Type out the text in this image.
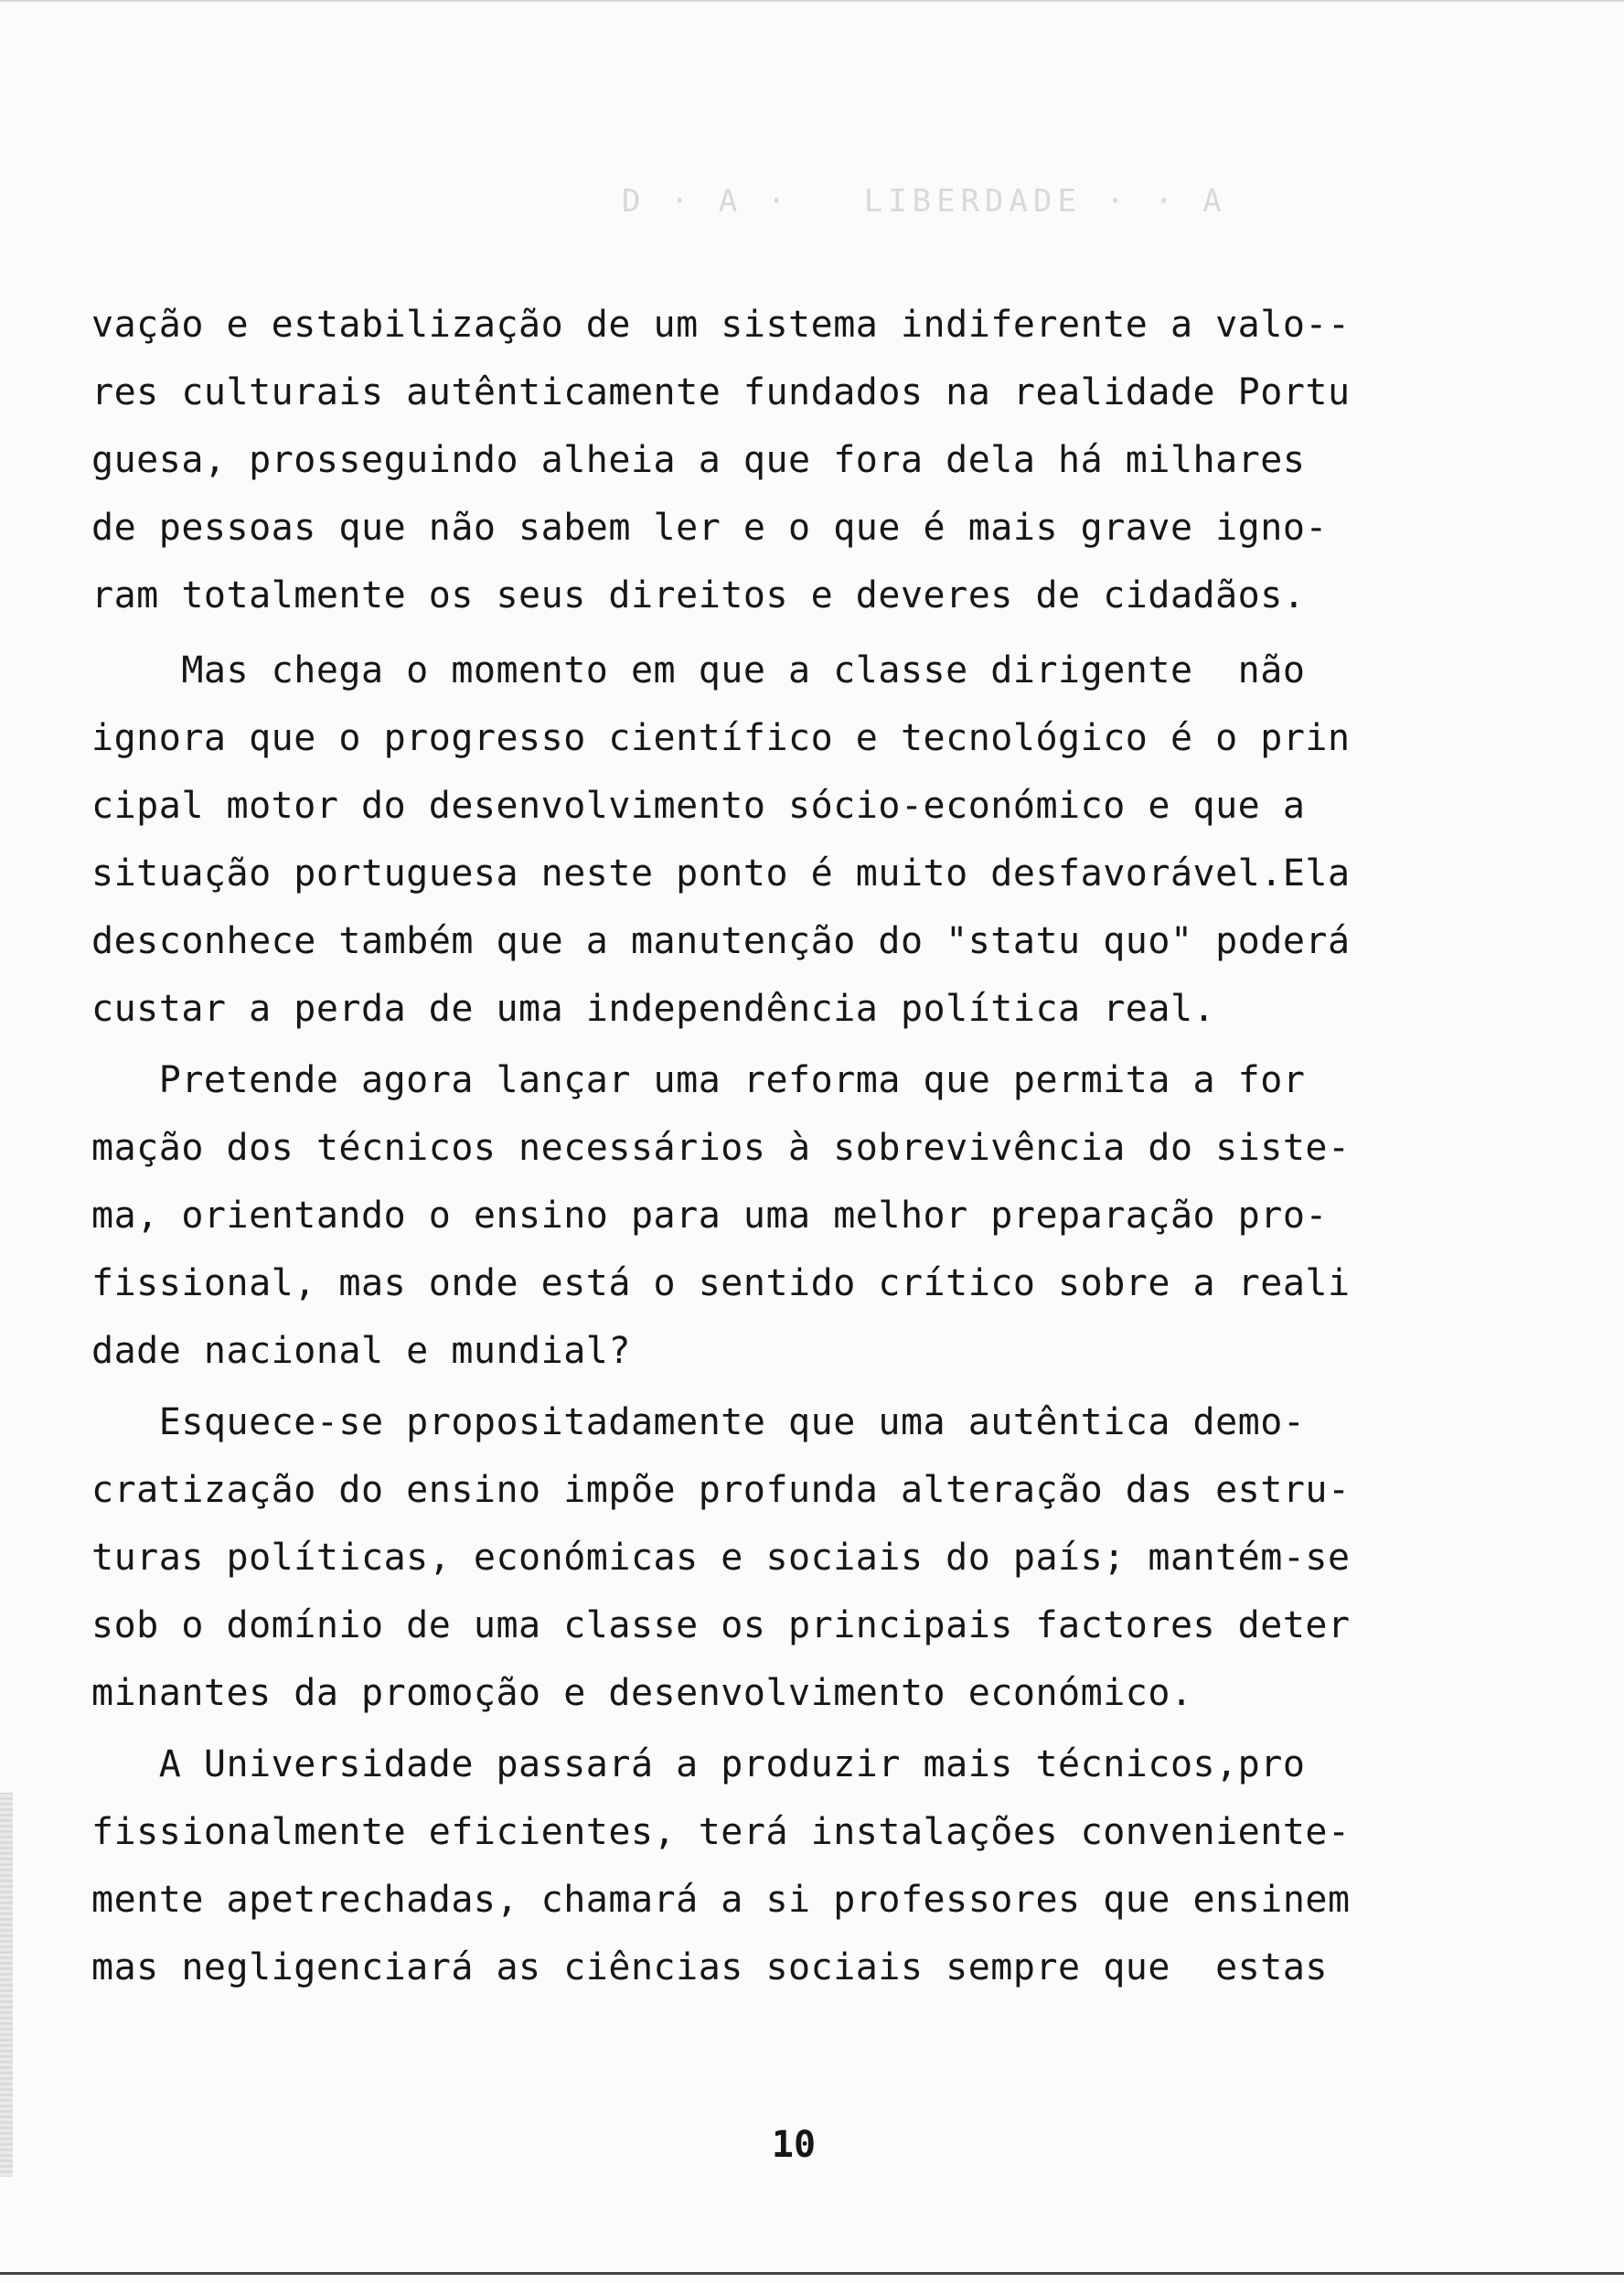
D · A ·   LIBERDADE · · A
vação e estabilização de um sistema indiferente a valo--
res culturais autênticamente fundados na realidade Portu
guesa, prosseguindo alheia a que fora dela há milhares
de pessoas que não sabem ler e o que é mais grave igno-
ram totalmente os seus direitos e deveres de cidadãos.
Mas chega o momento em que a classe dirigente  não
ignora que o progresso científico e tecnológico é o prin
cipal motor do desenvolvimento sócio-económico e que a
situação portuguesa neste ponto é muito desfavorável.Ela
desconhece também que a manutenção do "statu quo" poderá
custar a perda de uma independência política real.
Pretende agora lançar uma reforma que permita a for
mação dos técnicos necessários à sobrevivência do siste-
ma, orientando o ensino para uma melhor preparação pro-
fissional, mas onde está o sentido crítico sobre a reali
dade nacional e mundial?
Esquece-se propositadamente que uma autêntica demo-
cratização do ensino impõe profunda alteração das estru-
turas políticas, económicas e sociais do país; mantém-se
sob o domínio de uma classe os principais factores deter
minantes da promoção e desenvolvimento económico.
A Universidade passará a produzir mais técnicos,pro
fissionalmente eficientes, terá instalações conveniente-
mente apetrechadas, chamará a si professores que ensinem
mas negligenciará as ciências sociais sempre que  estas
10
